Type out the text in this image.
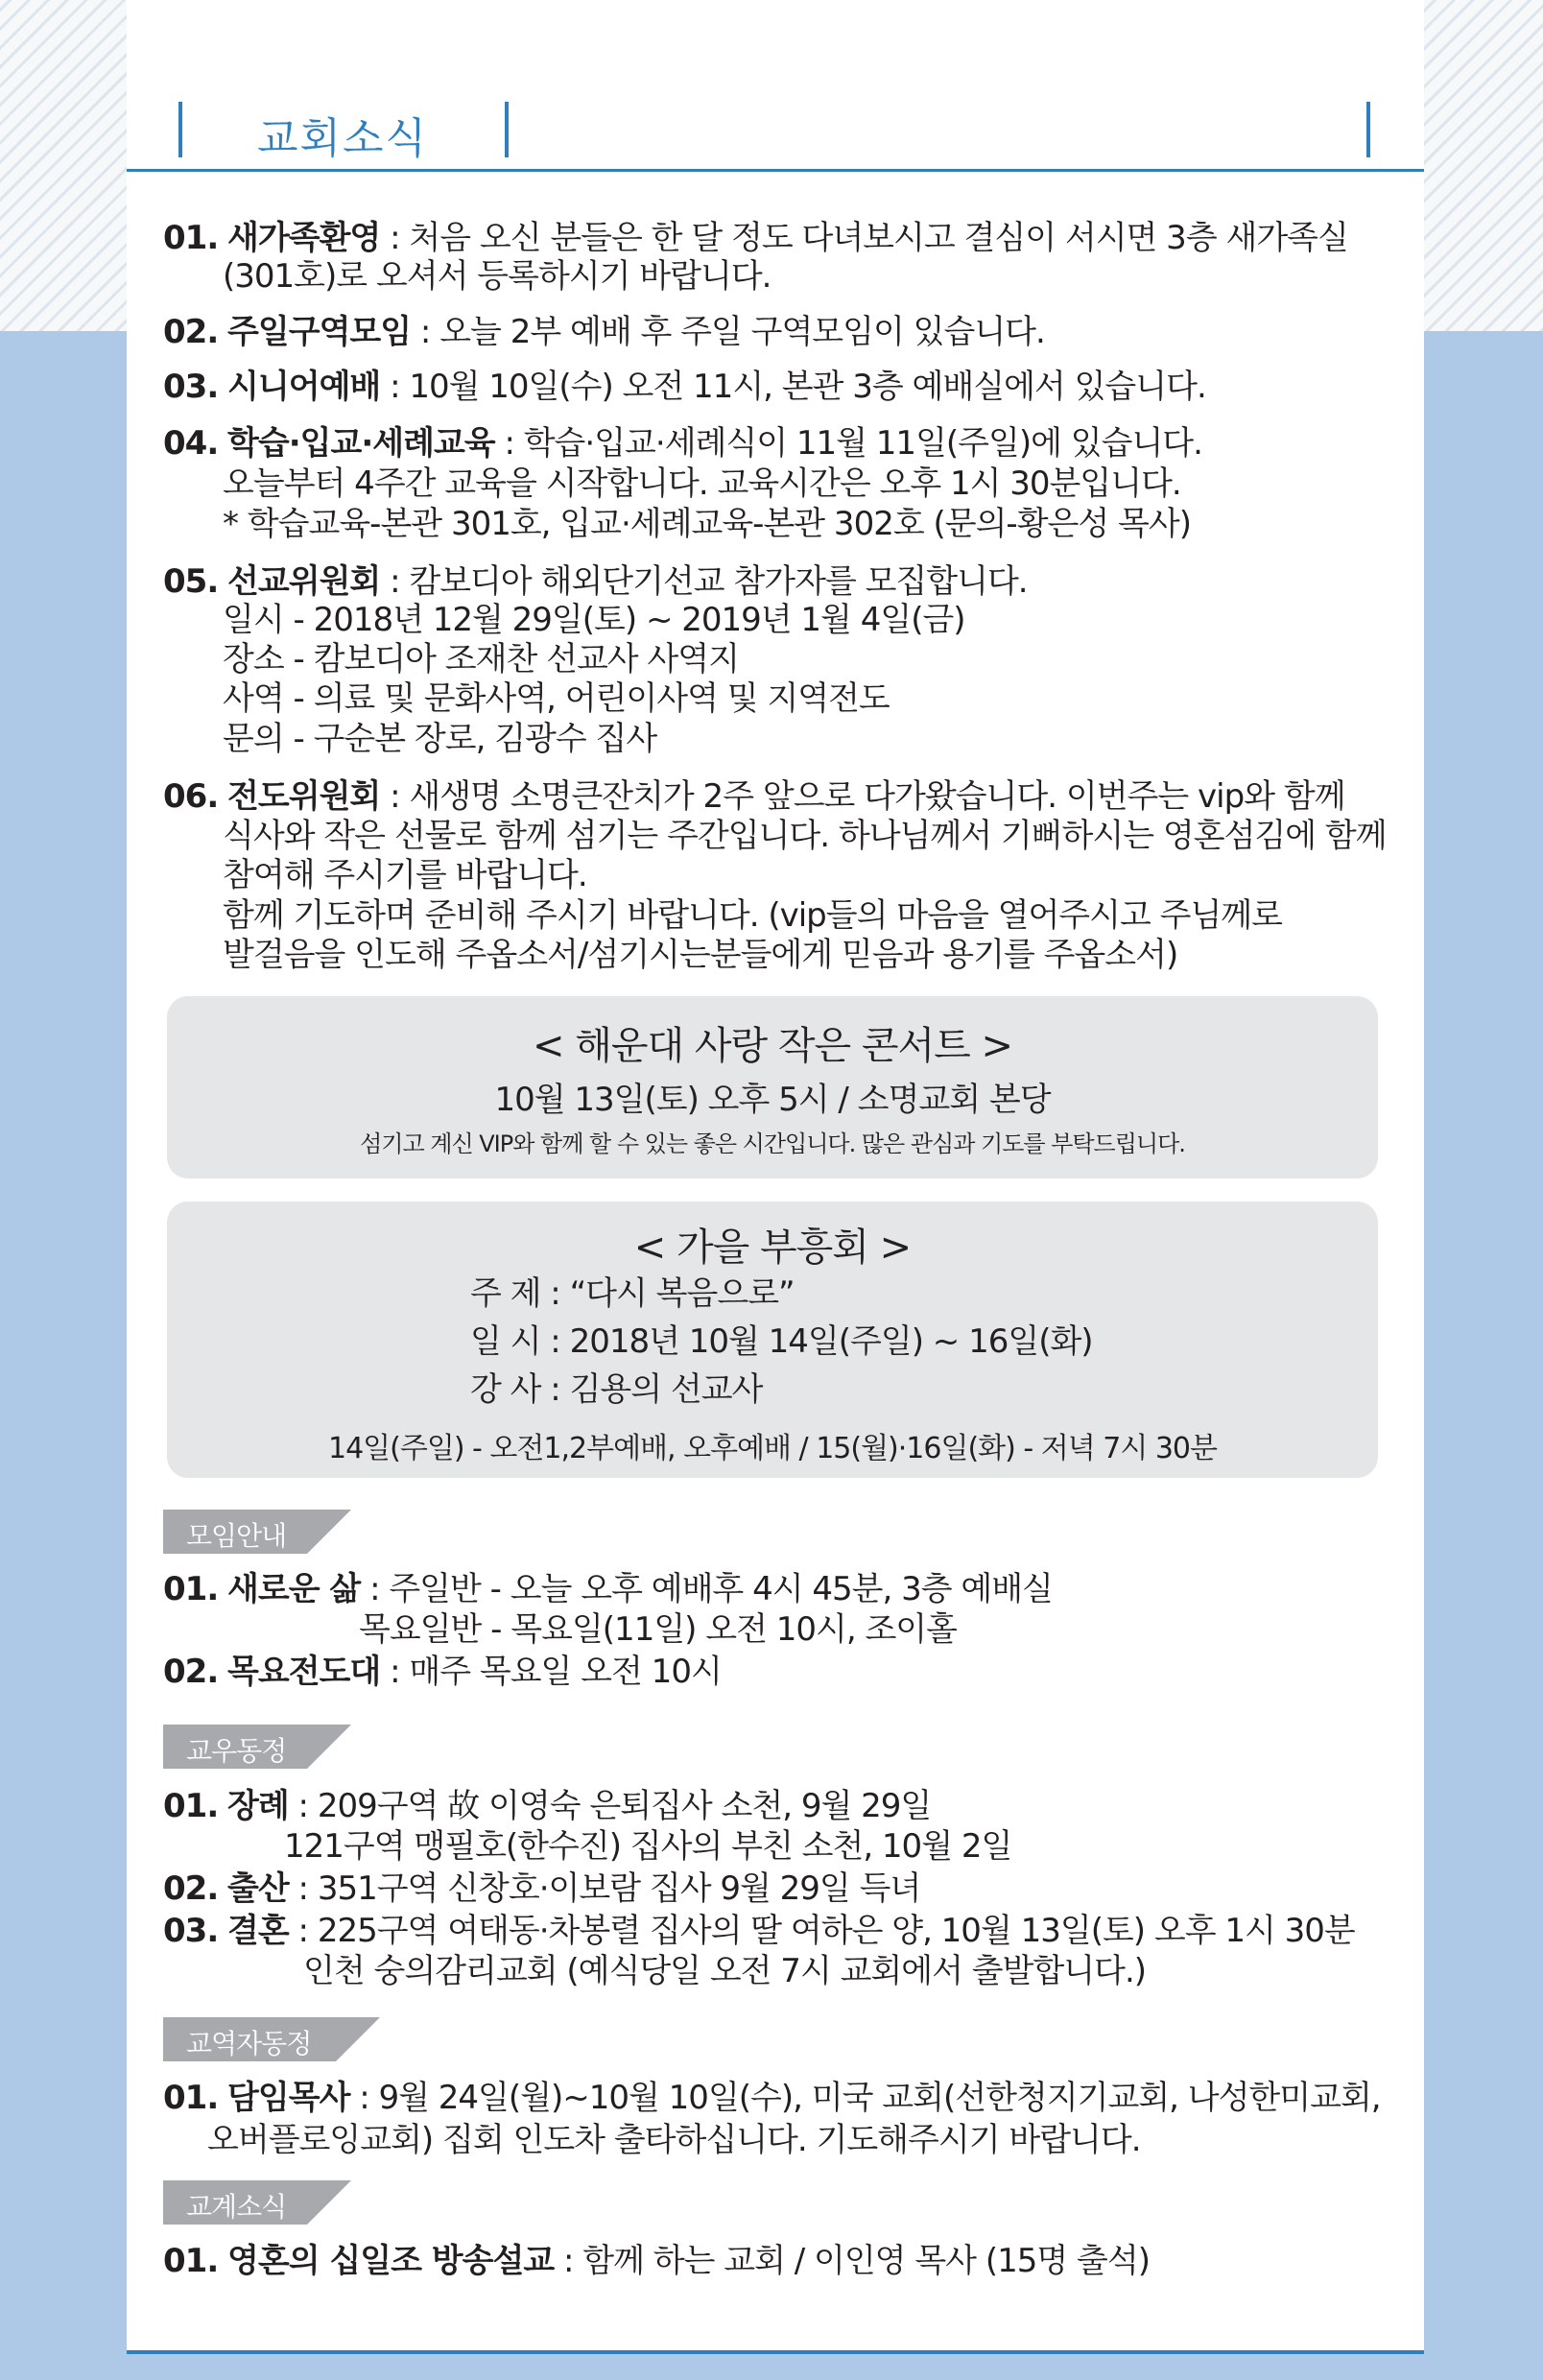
교회소식
01. 새가족환영 : 처음 오신 분들은 한 달 정도 다녀보시고 결심이 서시면 3층 새가족실
(301호)로 오셔서 등록하시기 바랍니다.
02. 주일구역모임 : 오늘 2부 예배 후 주일 구역모임이 있습니다.
03. 시니어예배 : 10월 10일(수) 오전 11시, 본관 3층 예배실에서 있습니다.
04. 학습·입교·세례교육 : 학습·입교·세례식이 11월 11일(주일)에 있습니다.
오늘부터 4주간 교육을 시작합니다. 교육시간은 오후 1시 30분입니다.
* 학습교육-본관 301호, 입교·세례교육-본관 302호 (문의-황은성 목사)
05. 선교위원회 : 캄보디아 해외단기선교 참가자를 모집합니다.
일시 - 2018년 12월 29일(토) ~ 2019년 1월 4일(금)
장소 - 캄보디아 조재찬 선교사 사역지
사역 - 의료 및 문화사역, 어린이사역 및 지역전도
문의 - 구순본 장로, 김광수 집사
06. 전도위원회 : 새생명 소명큰잔치가 2주 앞으로 다가왔습니다. 이번주는 vip와 함께
식사와 작은 선물로 함께 섬기는 주간입니다. 하나님께서 기뻐하시는 영혼섬김에 함께
참여해 주시기를 바랍니다.
함께 기도하며 준비해 주시기 바랍니다. (vip들의 마음을 열어주시고 주님께로
발걸음을 인도해 주옵소서/섬기시는분들에게 믿음과 용기를 주옵소서)
< 해운대 사랑 작은 콘서트 >
10월 13일(토) 오후 5시 / 소명교회 본당
섬기고 계신 VIP와 함께 할 수 있는 좋은 시간입니다. 많은 관심과 기도를 부탁드립니다.
< 가을 부흥회 >
주 제 : “다시 복음으로”
일 시 : 2018년 10월 14일(주일) ~ 16일(화)
강 사 : 김용의 선교사
14일(주일) - 오전1,2부예배, 오후예배 / 15(월)·16일(화) - 저녁 7시 30분
모임안내
01. 새로운 삶 : 주일반 - 오늘 오후 예배후 4시 45분, 3층 예배실
목요일반 - 목요일(11일) 오전 10시, 조이홀
02. 목요전도대 : 매주 목요일 오전 10시
교우동정
01. 장례 : 209구역 故 이영숙 은퇴집사 소천, 9월 29일
121구역 맹필호(한수진) 집사의 부친 소천, 10월 2일
02. 출산 : 351구역 신창호·이보람 집사 9월 29일 득녀
03. 결혼 : 225구역 여태동·차봉렬 집사의 딸 여하은 양, 10월 13일(토) 오후 1시 30분
인천 숭의감리교회 (예식당일 오전 7시 교회에서 출발합니다.)
교역자동정
01. 담임목사 : 9월 24일(월)~10월 10일(수), 미국 교회(선한청지기교회, 나성한미교회,
오버플로잉교회) 집회 인도차 출타하십니다. 기도해주시기 바랍니다.
교계소식
01. 영혼의 십일조 방송설교 : 함께 하는 교회 / 이인영 목사 (15명 출석)
